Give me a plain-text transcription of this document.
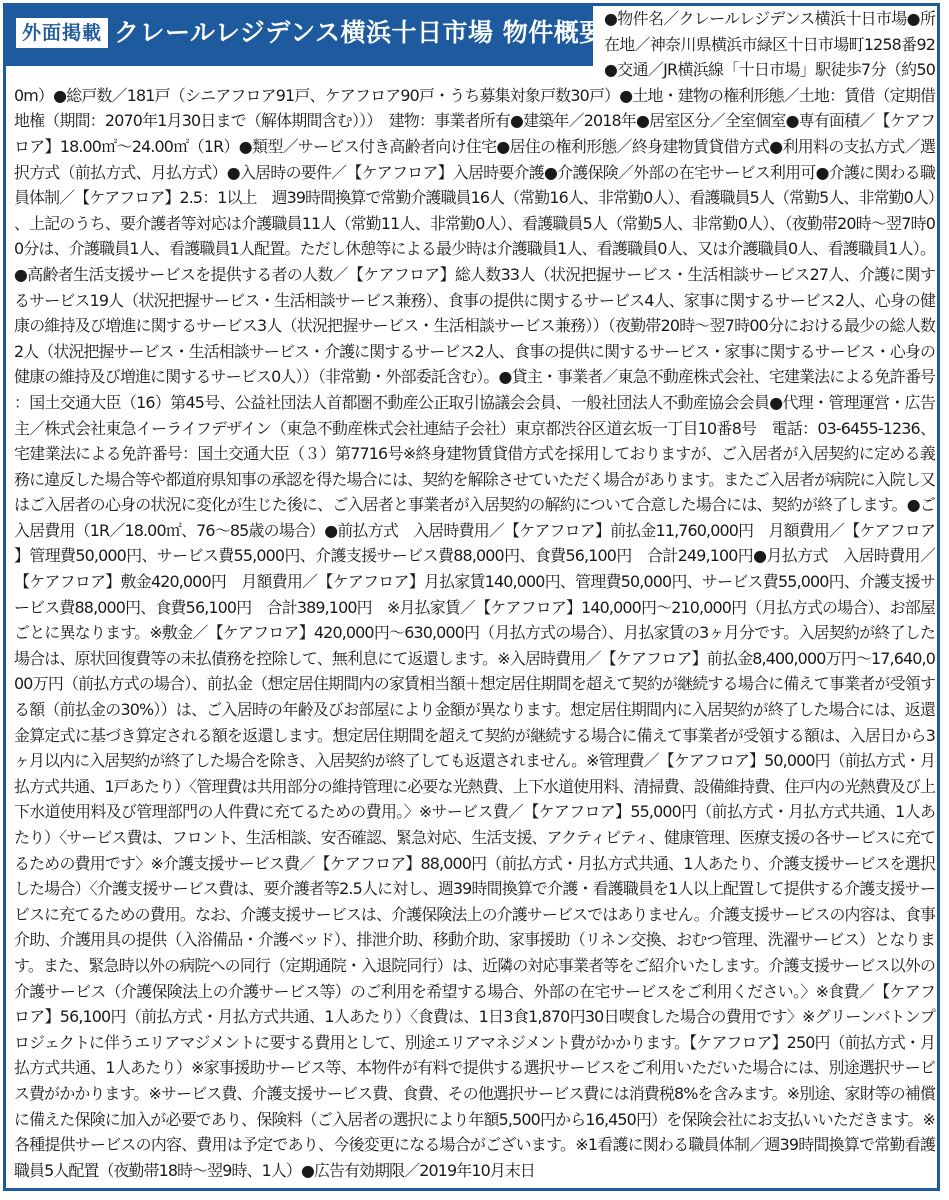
外面掲載 クレールレジデンス横浜十日市場 物件概要 ●物件名／クレールレジデンス横浜十日市場●所在地／神奈川県横浜市緑区十日市場町1258番92●交通／JR横浜線「十日市場」駅徒歩7分（約500m）●総戸数／181戸（シニアフロア91戸、ケアフロア90戸・うち募集対象戸数30戸）●土地・建物の権利形態／土地：賃借（定期借地権（期間：2070年1月30日まで（解体期間含む）））　建物：事業者所有●建築年／2018年●居室区分／全室個室●専有面積／【ケアフロア】18.00㎡～24.00㎡（1R）●類型／サービス付き高齢者向け住宅●居住の権利形態／終身建物賃貸借方式●利用料の支払方式／選択方式（前払方式、月払方式）●入居時の要件／【ケアフロア】入居時要介護●介護保険／外部の在宅サービス利用可●介護に関わる職員体制／【ケアフロア】2.5：1以上　週39時間換算で常勤介護職員16人（常勤16人、非常勤0人）、看護職員5人（常勤5人、非常勤0人）、上記のうち、要介護者等対応は介護職員11人（常勤11人、非常勤0人）、看護職員5人（常勤5人、非常勤0人）、（夜勤帯20時～翌7時00分は、介護職員1人、看護職員1人配置。ただし休憩等による最少時は介護職員1人、看護職員0人、又は介護職員0人、看護職員1人）。●高齢者生活支援サービスを提供する者の人数／【ケアフロア】総人数33人（状況把握サービス・生活相談サービス27人、介護に関するサービス19人（状況把握サービス・生活相談サービス兼務）、食事の提供に関するサービス4人、家事に関するサービス2人、心身の健康の維持及び増進に関するサービス3人（状況把握サービス・生活相談サービス兼務））（夜勤帯20時～翌7時00分における最少の総人数2人（状況把握サービス・生活相談サービス・介護に関するサービス2人、食事の提供に関するサービス・家事に関するサービス・心身の健康の維持及び増進に関するサービス0人））（非常勤・外部委託含む）。●貸主・事業者／東急不動産株式会社、宅建業法による免許番号：国土交通大臣（16）第45号、公益社団法人首都圏不動産公正取引協議会会員、一般社団法人不動産協会会員●代理・管理運営・広告主／株式会社東急イーライフデザイン（東急不動産株式会社連結子会社）東京都渋谷区道玄坂一丁目10番8号　電話：03-6455-1236、宅建業法による免許番号：国土交通大臣（３）第7716号※終身建物賃貸借方式を採用しておりますが、ご入居者が入居契約に定める義務に違反した場合等や都道府県知事の承認を得た場合には、契約を解除させていただく場合があります。またご入居者が病院に入院し又はご入居者の心身の状況に変化が生じた後に、ご入居者と事業者が入居契約の解約について合意した場合には、契約が終了します。●ご入居費用（1R／18.00㎡、76～85歳の場合）●前払方式　入居時費用／【ケアフロア】前払金11,760,000円　月額費用／【ケアフロア】管理費50,000円、サービス費55,000円、介護支援サービス費88,000円、食費56,100円　合計249,100円●月払方式　入居時費用／【ケアフロア】敷金420,000円　月額費用／【ケアフロア】月払家賃140,000円、管理費50,000円、サービス費55,000円、介護支援サービス費88,000円、食費56,100円　合計389,100円　※月払家賃／【ケアフロア】140,000円～210,000円（月払方式の場合）、お部屋ごとに異なります。※敷金／【ケアフロア】420,000円～630,000円（月払方式の場合）、月払家賃の3ヶ月分です。入居契約が終了した場合は、原状回復費等の未払債務を控除して、無利息にて返還します。※入居時費用／【ケアフロア】前払金8,400,000万円～17,640,000万円（前払方式の場合）、前払金（想定居住期間内の家賃相当額＋想定居住期間を超えて契約が継続する場合に備えて事業者が受領する額（前払金の30%））は、ご入居時の年齢及びお部屋により金額が異なります。想定居住期間内に入居契約が終了した場合には、返還金算定式に基づき算定される額を返還します。想定居住期間を超えて契約が継続する場合に備えて事業者が受領する額は、入居日から3ヶ月以内に入居契約が終了した場合を除き、入居契約が終了しても返還されません。※管理費／【ケアフロア】50,000円（前払方式・月払方式共通、1戸あたり）〈管理費は共用部分の維持管理に必要な光熱費、上下水道使用料、清掃費、設備維持費、住戸内の光熱費及び上下水道使用料及び管理部門の人件費に充てるための費用。〉※サービス費／【ケアフロア】55,000円（前払方式・月払方式共通、1人あたり）〈サービス費は、フロント、生活相談、安否確認、緊急対応、生活支援、アクティビティ、健康管理、医療支援の各サービスに充てるための費用です〉※介護支援サービス費／【ケアフロア】88,000円（前払方式・月払方式共通、1人あたり、介護支援サービスを選択した場合）〈介護支援サービス費は、要介護者等2.5人に対し、週39時間換算で介護・看護職員を1人以上配置して提供する介護支援サービスに充てるための費用。なお、介護支援サービスは、介護保険法上の介護サービスではありません。介護支援サービスの内容は、食事介助、介護用具の提供（入浴備品・介護ベッド）、排泄介助、移動介助、家事援助（リネン交換、おむつ管理、洗濯サービス）となります。また、緊急時以外の病院への同行（定期通院・入退院同行）は、近隣の対応事業者等をご紹介いたします。介護支援サービス以外の介護サービス（介護保険法上の介護サービス等）のご利用を希望する場合、外部の在宅サービスをご利用ください。〉※食費／【ケアフロア】56,100円（前払方式・月払方式共通、1人あたり）〈食費は、1日3食1,870円30日喫食した場合の費用です〉※グリーンバトンプロジェクトに伴うエリアマジメントに要する費用として、別途エリアマネジメント費がかかります。【ケアフロア】250円（前払方式・月払方式共通、1人あたり）※家事援助サービス等、本物件が有料で提供する選択サービスをご利用いただいた場合には、別途選択サービス費がかかります。※サービス費、介護支援サービス費、食費、その他選択サービス費には消費税8%を含みます。※別途、家財等の補償に備えた保険に加入が必要であり、保険料（ご入居者の選択により年額5,500円から16,450円）を保険会社にお支払いいただきます。※各種提供サービスの内容、費用は予定であり、今後変更になる場合がございます。※1看護に関わる職員体制／週39時間換算で常勤看護職員5人配置（夜勤帯18時～翌9時、1人）●広告有効期限／2019年10月末日
